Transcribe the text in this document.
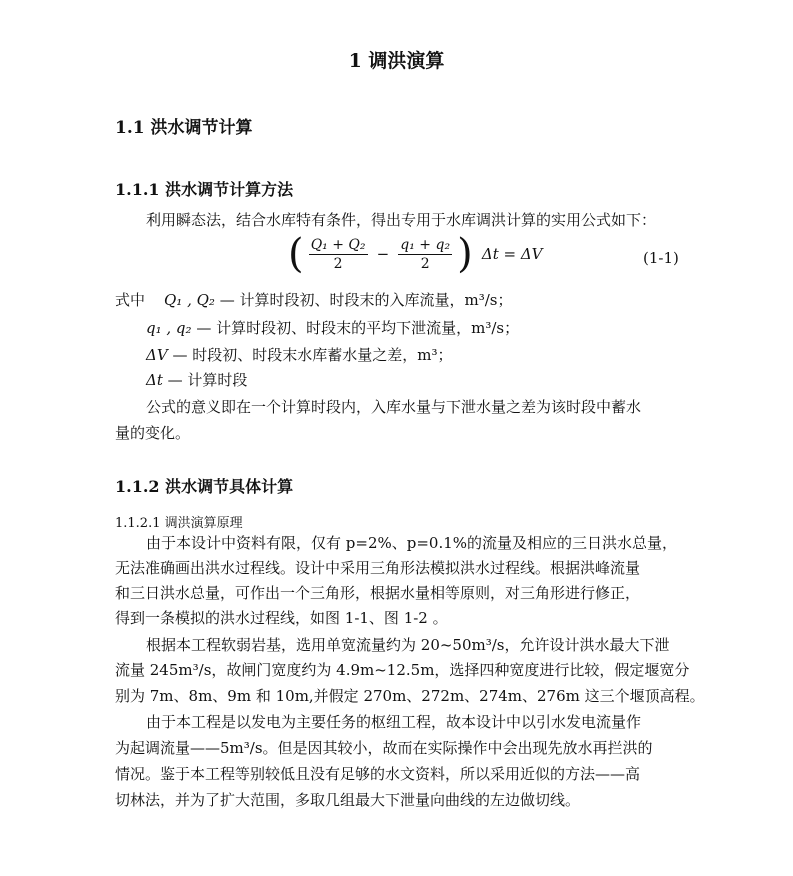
1 调洪演算
1.1 洪水调节计算
1.1.1 洪水调节计算方法
利用瞬态法，结合水库特有条件，得出专用于水库调洪计算的实用公式如下：
( $\frac{\text{Q₁ + Q₂}}{2} - \frac{\text{q₁ + q₂}}{2}$ ) Δt = ΔV	(1-1)
式中 Q₁ , Q₂ — 计算时段初、时段末的入库流量，m³/s；
q₁ , q₂ — 计算时段初、时段末的平均下泄流量，m³/s；
ΔV — 时段初、时段末水库蓄水量之差，m³；
Δt — 计算时段
公式的意义即在一个计算时段内，入库水量与下泄水量之差为该时段中蓄水
量的变化。
1.1.2 洪水调节具体计算
1.1.2.1 调洪演算原理
由于本设计中资料有限，仅有 p=2%、p=0.1%的流量及相应的三日洪水总量，
无法准确画出洪水过程线。设计中采用三角形法模拟洪水过程线。根据洪峰流量
和三日洪水总量，可作出一个三角形，根据水量相等原则，对三角形进行修正，
得到一条模拟的洪水过程线，如图 1-1、图 1-2 。
根据本工程软弱岩基，选用单宽流量约为 20~50m³/s，允许设计洪水最大下泄
流量 245m³/s，故闸门宽度约为 4.9m~12.5m，选择四种宽度进行比较，假定堰宽分
别为 7m、8m、9m 和 10m,并假定 270m、272m、274m、276m 这三个堰顶高程。
由于本工程是以发电为主要任务的枢纽工程，故本设计中以引水发电流量作
为起调流量——5m³/s。但是因其较小，故而在实际操作中会出现先放水再拦洪的
情况。鉴于本工程等别较低且没有足够的水文资料，所以采用近似的方法——高
切林法，并为了扩大范围，多取几组最大下泄量向曲线的左边做切线。
